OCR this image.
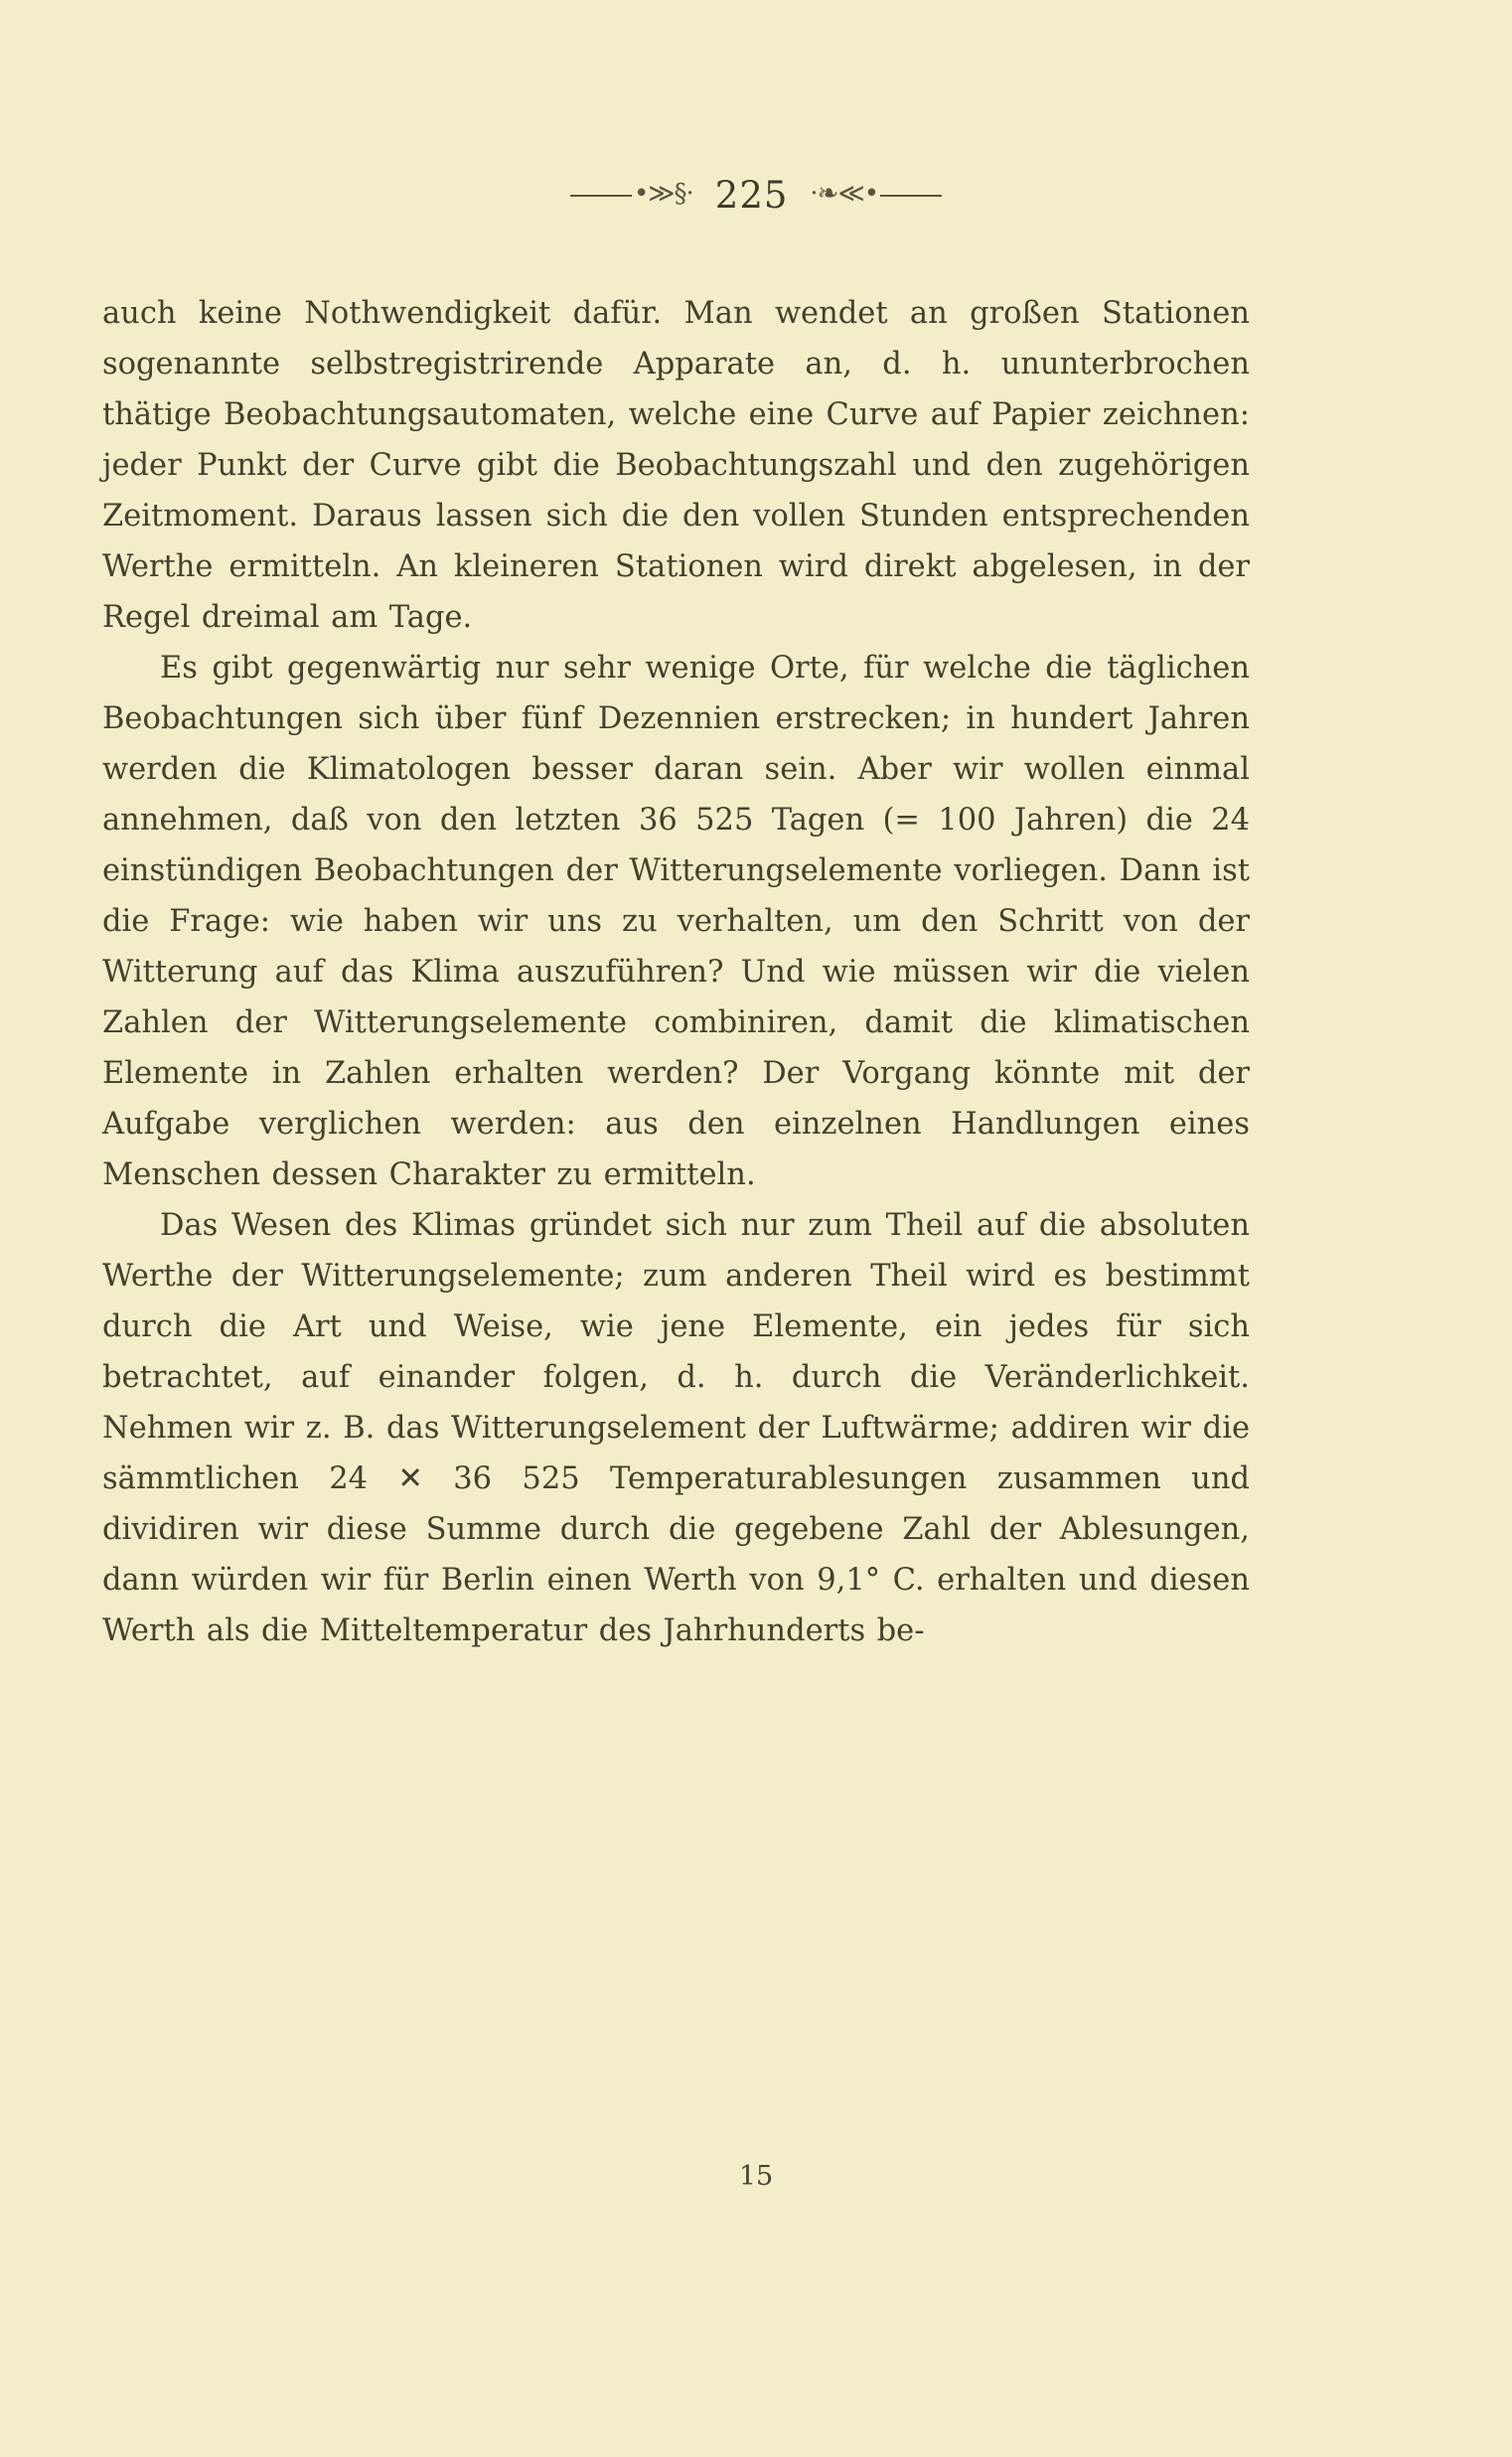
•≫§· 225 ·❧≪•

auch keine Nothwendigkeit dafür. Man wendet an großen Stationen sogenannte selbstregistrirende Apparate an, d. h. ununterbrochen thätige Beobachtungsautomaten, welche eine Curve auf Papier zeichnen: jeder Punkt der Curve gibt die Beobachtungszahl und den zugehörigen Zeitmoment. Daraus lassen sich die den vollen Stunden entsprechenden Werthe ermitteln. An kleineren Stationen wird direkt abgelesen, in der Regel dreimal am Tage.

Es gibt gegenwärtig nur sehr wenige Orte, für welche die täglichen Beobachtungen sich über fünf Dezennien erstrecken; in hundert Jahren werden die Klimatologen besser daran sein. Aber wir wollen einmal annehmen, daß von den letzten 36 525 Tagen (= 100 Jahren) die 24 einstündigen Beobachtungen der Witterungselemente vorliegen. Dann ist die Frage: wie haben wir uns zu verhalten, um den Schritt von der Witterung auf das Klima auszuführen? Und wie müssen wir die vielen Zahlen der Witterungselemente combiniren, damit die klimatischen Elemente in Zahlen erhalten werden? Der Vorgang könnte mit der Aufgabe verglichen werden: aus den einzelnen Handlungen eines Menschen dessen Charakter zu ermitteln.

Das Wesen des Klimas gründet sich nur zum Theil auf die absoluten Werthe der Witterungselemente; zum anderen Theil wird es bestimmt durch die Art und Weise, wie jene Elemente, ein jedes für sich betrachtet, auf einander folgen, d. h. durch die Veränderlichkeit. Nehmen wir z. B. das Witterungselement der Luftwärme; addiren wir die sämmtlichen 24 ✕ 36 525 Temperaturablesungen zusammen und dividiren wir diese Summe durch die gegebene Zahl der Ablesungen, dann würden wir für Berlin einen Werth von 9,1° C. erhalten und diesen Werth als die Mitteltemperatur des Jahrhunderts be-

15
